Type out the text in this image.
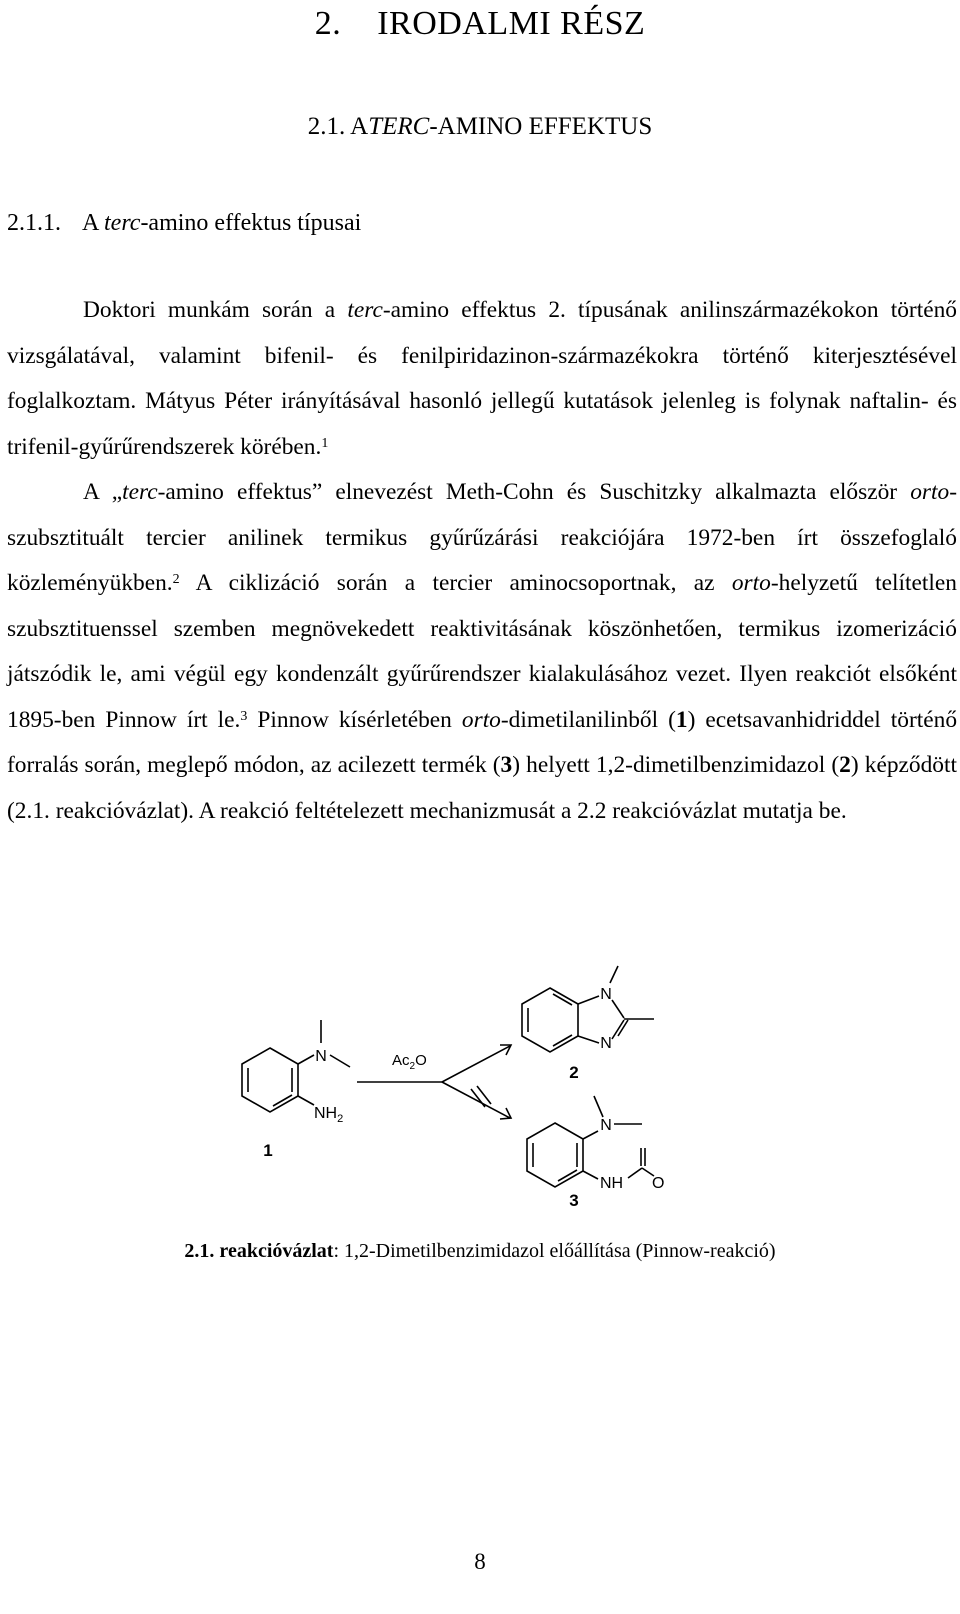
2.    IRODALMI RÉSZ
2.1. ATERC-AMINO EFFEKTUS
2.1.1. A terc-amino effektus típusai

Doktori munkám során a terc-amino effektus 2. típusának anilinszármazékokon történő vizsgálatával, valamint bifenil- és fenilpiridazinon-származékokra történő kiterjesztésével foglalkoztam. Mátyus Péter irányításával hasonló jellegű kutatások jelenleg is folynak naftalin- és trifenil-gyűrűrendszerek körében.$^1$

A „terc-amino effektus” elnevezést Meth-Cohn és Suschitzky alkalmazta először orto-szubsztituált tercier anilinek termikus gyűrűzárási reakciójára 1972-ben írt összefoglaló közleményükben.$^2$ A ciklizáció során a tercier aminocsoportnak, az orto-helyzetű telítetlen szubsztituenssel szemben megnövekedett reaktivitásának köszönhetően, termikus izomerizáció játszódik le, ami végül egy kondenzált gyűrűrendszer kialakulásához vezet. Ilyen reakciót elsőként 1895-ben Pinnow írt le.$^3$ Pinnow kísérletében orto-dimetilanilinből (1) ecetsavanhidriddel történő forralás során, meglepő módon, az acilezett termék (3) helyett 1,2-dimetilbenzimidazol (2) képződött (2.1. reakcióvázlat). A reakció feltételezett mechanizmusát a 2.2 reakcióvázlat mutatja be.

N
$NH_2$
1
$Ac_2O$
N
N
2
N
NH O
3
2.1. reakcióvázlat: 1,2-Dimetilbenzimidazol előállítása (Pinnow-reakció)
8
